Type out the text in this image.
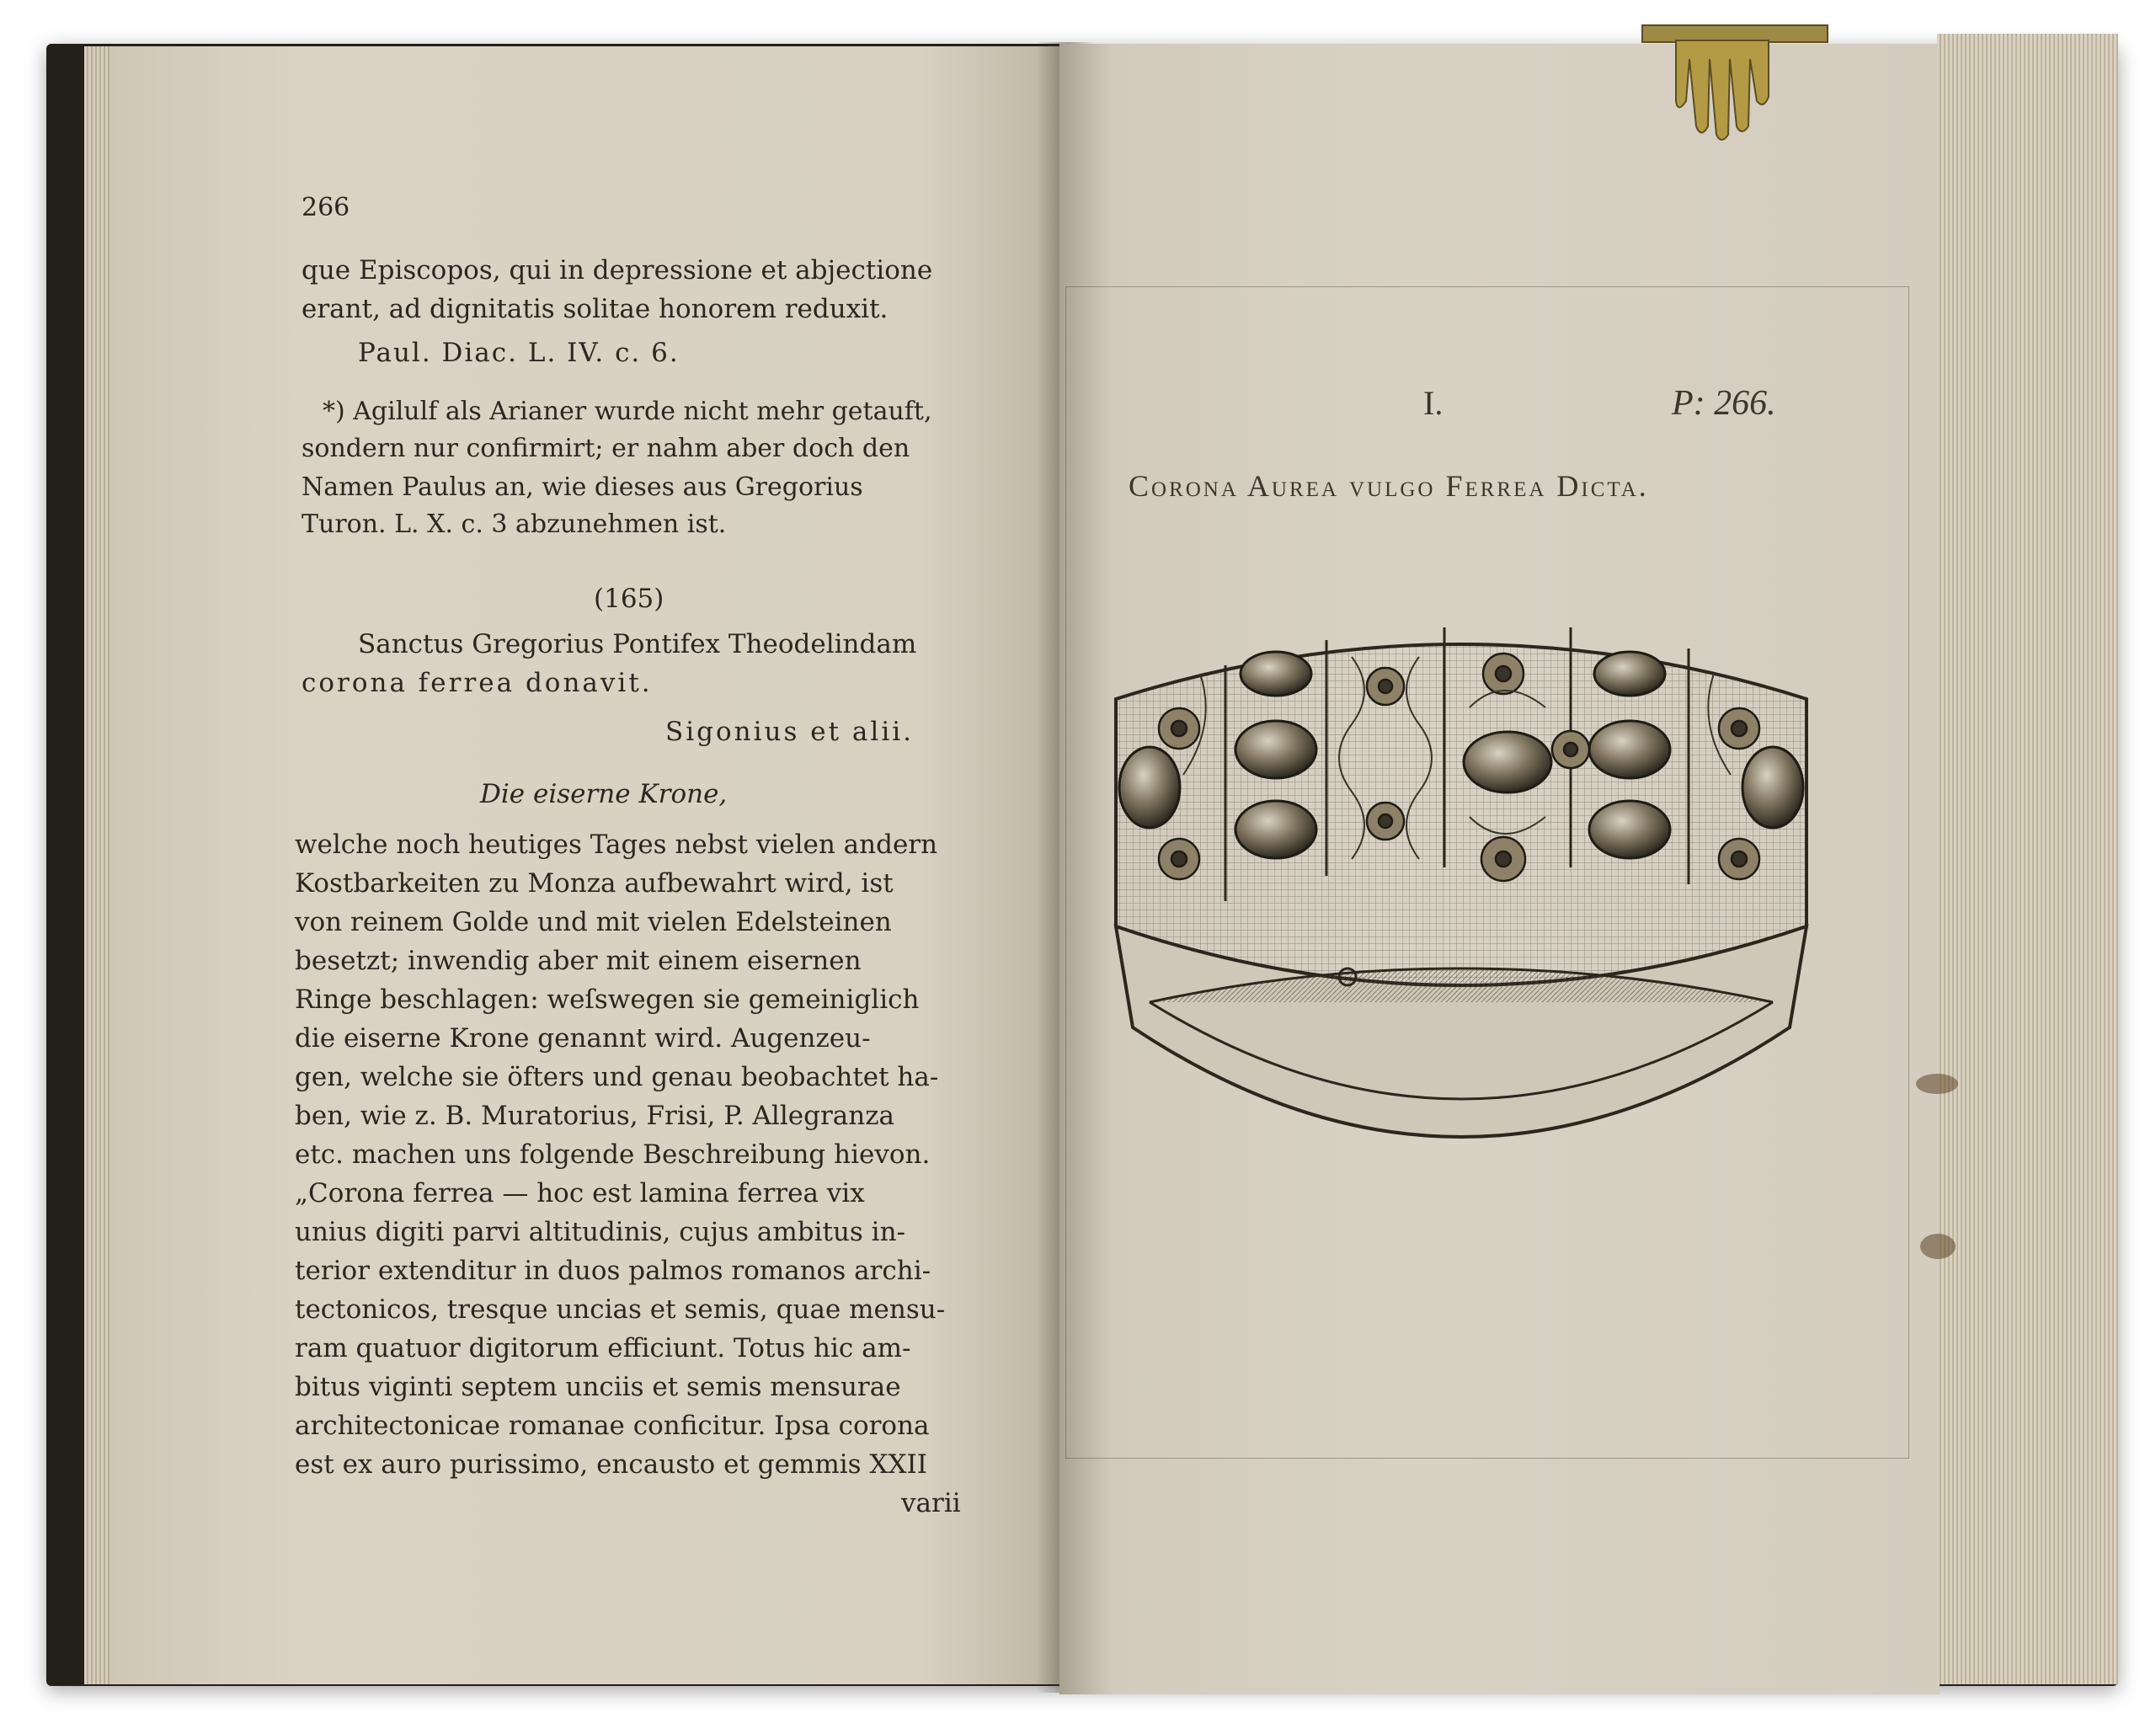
266
que Episcopos, qui in depressione et abjectione
erant, ad dignitatis solitae honorem reduxit.
Paul. Diac. L. IV. c. 6.
*) Agilulf als Arianer wurde nicht mehr getauft,
sondern nur confirmirt; er nahm aber doch den
Namen Paulus an, wie dieses aus Gregorius
Turon. L. X. c. 3 abzunehmen ist.
(165)
Sanctus Gregorius Pontifex Theodelindam
corona ferrea donavit.
Sigonius et alii.
Die eiserne Krone,
welche noch heutiges Tages nebst vielen andern
Kostbarkeiten zu Monza aufbewahrt wird, ist
von reinem Golde und mit vielen Edelsteinen
besetzt; inwendig aber mit einem eisernen
Ringe beschlagen: weſswegen sie gemeiniglich
die eiserne Krone genannt wird. Augenzeu-
gen, welche sie öfters und genau beobachtet ha-
ben, wie z. B. Muratorius, Frisi, P. Allegranza
etc. machen uns folgende Beschreibung hievon.
„Corona ferrea — hoc est lamina ferrea vix
unius digiti parvi altitudinis, cujus ambitus in-
terior extenditur in duos palmos romanos archi-
tectonicos, tresque uncias et semis, quae mensu-
ram quatuor digitorum efficiunt. Totus hic am-
bitus viginti septem unciis et semis mensurae
architectonicae romanae conficitur. Ipsa corona
est ex auro purissimo, encausto et gemmis XXII
varii
I.	P: 266.
Corona Aurea vulgo Ferrea Dicta.
